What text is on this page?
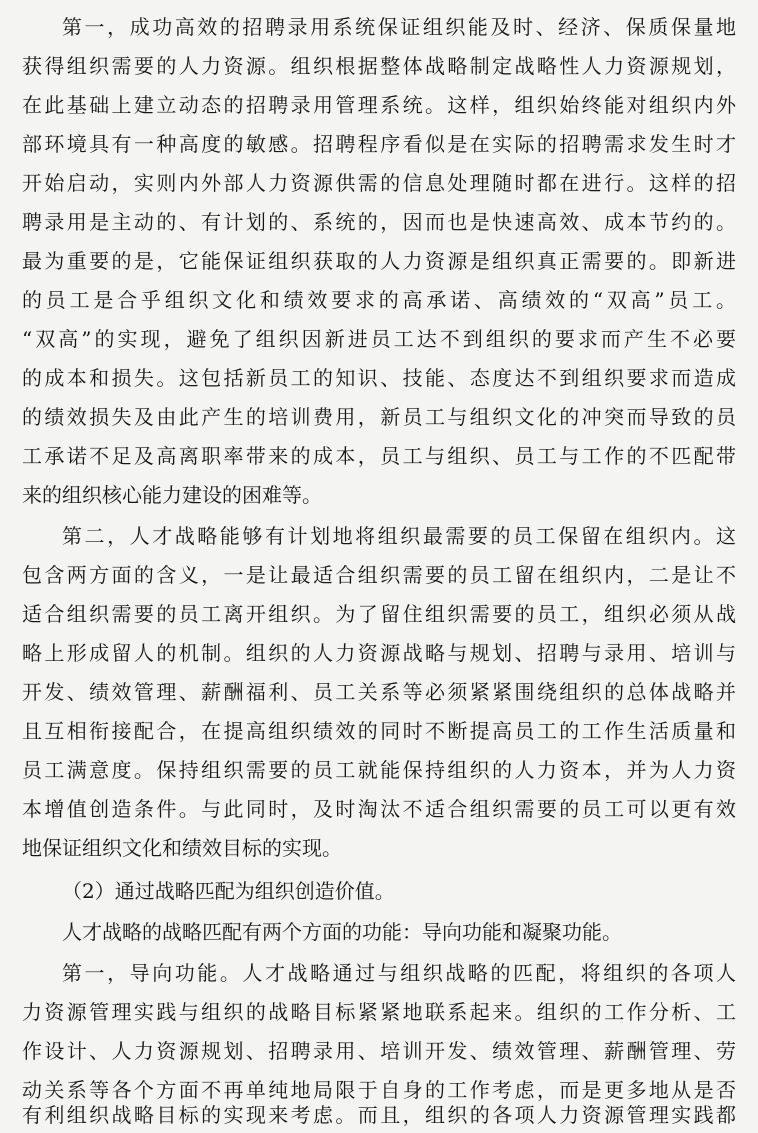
第一，成功高效的招聘录用系统保证组织能及时、经济、保质保量地
获得组织需要的人力资源。组织根据整体战略制定战略性人力资源规划，
在此基础上建立动态的招聘录用管理系统。这样，组织始终能对组织内外
部环境具有一种高度的敏感。招聘程序看似是在实际的招聘需求发生时才
开始启动，实则内外部人力资源供需的信息处理随时都在进行。这样的招
聘录用是主动的、有计划的、系统的，因而也是快速高效、成本节约的。
最为重要的是，它能保证组织获取的人力资源是组织真正需要的。即新进
的员工是合乎组织文化和绩效要求的高承诺、高绩效的“双高”员工。
“双高”的实现，避免了组织因新进员工达不到组织的要求而产生不必要
的成本和损失。这包括新员工的知识、技能、态度达不到组织要求而造成
的绩效损失及由此产生的培训费用，新员工与组织文化的冲突而导致的员
工承诺不足及高离职率带来的成本，员工与组织、员工与工作的不匹配带
来的组织核心能力建设的困难等。
第二，人才战略能够有计划地将组织最需要的员工保留在组织内。这
包含两方面的含义，一是让最适合组织需要的员工留在组织内，二是让不
适合组织需要的员工离开组织。为了留住组织需要的员工，组织必须从战
略上形成留人的机制。组织的人力资源战略与规划、招聘与录用、培训与
开发、绩效管理、薪酬福利、员工关系等必须紧紧围绕组织的总体战略并
且互相衔接配合，在提高组织绩效的同时不断提高员工的工作生活质量和
员工满意度。保持组织需要的员工就能保持组织的人力资本，并为人力资
本增值创造条件。与此同时，及时淘汰不适合组织需要的员工可以更有效
地保证组织文化和绩效目标的实现。
（2）通过战略匹配为组织创造价值。
人才战略的战略匹配有两个方面的功能：导向功能和凝聚功能。
第一，导向功能。人才战略通过与组织战略的匹配，将组织的各项人
力资源管理实践与组织的战略目标紧紧地联系起来。组织的工作分析、工
作设计、人力资源规划、招聘录用、培训开发、绩效管理、薪酬管理、劳
动关系等各个方面不再单纯地局限于自身的工作考虑，而是更多地从是否
有利组织战略目标的实现来考虑。而且，组织的各项人力资源管理实践都
